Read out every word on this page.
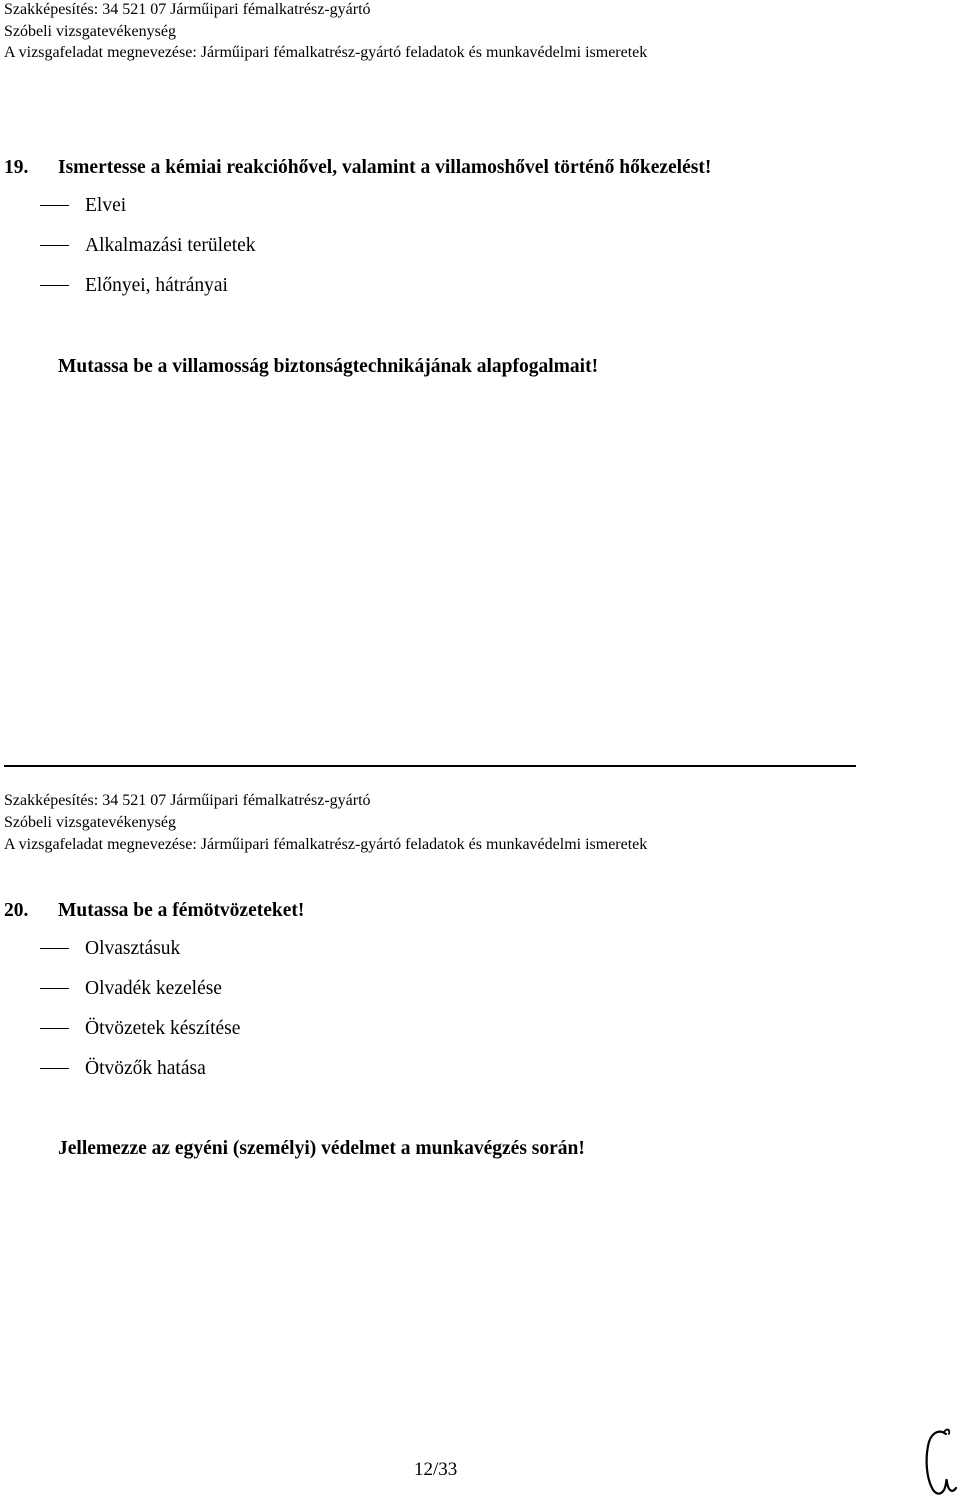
Szakképesítés: 34 521 07 Járműipari fémalkatrész-gyártó
Szóbeli vizsgatevékenység
A vizsgafeladat megnevezése: Járműipari fémalkatrész-gyártó feladatok és munkavédelmi ismeretek
19. Ismertesse a kémiai reakcióhővel, valamint a villamoshővel történő hőkezelést!
Elvei
Alkalmazási területek
Előnyei, hátrányai
Mutassa be a villamosság biztonságtechnikájának alapfogalmait!
Szakképesítés: 34 521 07 Járműipari fémalkatrész-gyártó
Szóbeli vizsgatevékenység
A vizsgafeladat megnevezése: Járműipari fémalkatrész-gyártó feladatok és munkavédelmi ismeretek
20. Mutassa be a fémötvözeteket!
Olvasztásuk
Olvadék kezelése
Ötvözetek készítése
Ötvözők hatása
Jellemezze az egyéni (személyi) védelmet a munkavégzés során!
12/33
